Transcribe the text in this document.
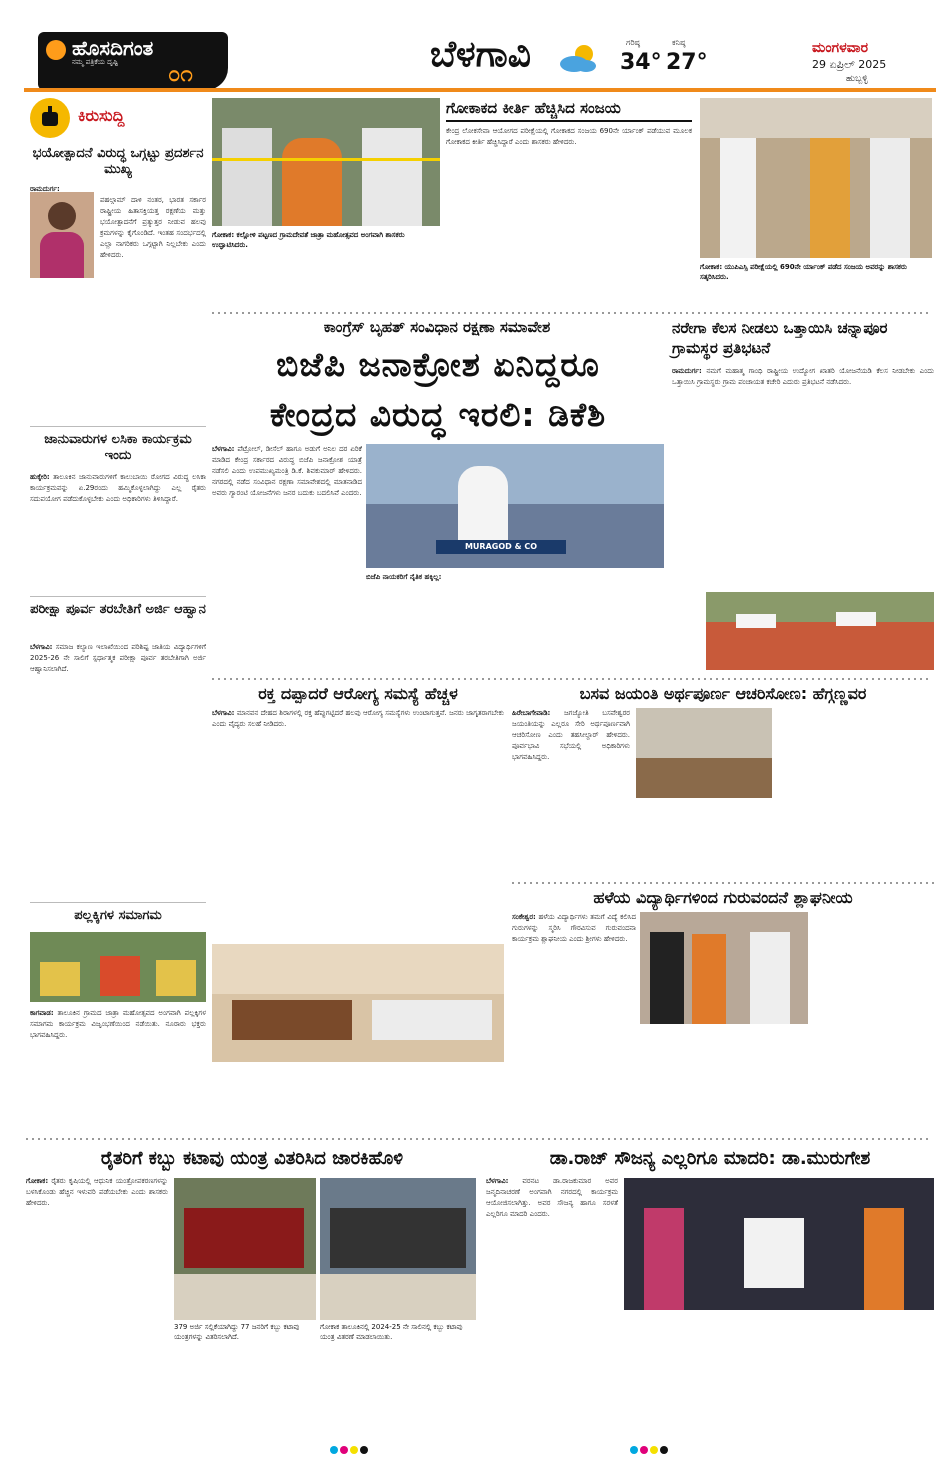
ಹೊಸದಿಗಂತ
ನಮ್ಮ ಪತ್ರಿಕೆಯ ದೃಷ್ಟಿ ೦೧	ಬೆಳಗಾವಿ	ಗರಿಷ್ಠ
34°
ಕನಿಷ್ಠ
27°
ಮಂಗಳವಾರ
29 ಏಪ್ರಿಲ್ 2025
ಹುಬ್ಬಳ್ಳಿ
ಕಿರುಸುದ್ದಿ
ಭಯೋತ್ಪಾದನೆ ವಿರುದ್ಧ ಒಗ್ಗಟ್ಟು ಪ್ರದರ್ಶನ ಮುಖ್ಯ
ರಾಮದುರ್ಗ:
ಪಹಲ್ಗಾಮ್ ದಾಳಿ ನಂತರ, ಭಾರತ ಸರ್ಕಾರ ರಾಷ್ಟ್ರೀಯ ಹಿತಾಸಕ್ತಿಯತ್ತ ರಕ್ಷಣೆಯ ಮತ್ತು ಭಯೋತ್ಪಾದನೆಗೆ ಪ್ರತ್ಯುತ್ತರ ನೀಡುವ ಹಲವು ಕ್ರಮಗಳನ್ನು ಕೈಗೊಂಡಿದೆ. ಇಂತಹ ಸಂದರ್ಭದಲ್ಲಿ ಎಲ್ಲಾ ನಾಗರಿಕರು ಒಗ್ಗಟ್ಟಾಗಿ ನಿಲ್ಲಬೇಕು ಎಂದು ಹೇಳಿದರು.
ಜಾನುವಾರುಗಳ ಲಸಿಕಾ ಕಾರ್ಯಕ್ರಮ ಇಂದು
ಹುಕ್ಕೇರಿ: ತಾಲೂಕಿನ ಜಾನುವಾರುಗಳಿಗೆ ಕಾಲುಬಾಯಿ ರೋಗದ ವಿರುದ್ಧ ಲಸಿಕಾ ಕಾರ್ಯಕ್ರಮವನ್ನು ಏ.29ರಂದು ಹಮ್ಮಿಕೊಳ್ಳಲಾಗಿದ್ದು ಎಲ್ಲ ರೈತರು ಸದುಪಯೋಗ ಪಡೆದುಕೊಳ್ಳಬೇಕು ಎಂದು ಅಧಿಕಾರಿಗಳು ತಿಳಿಸಿದ್ದಾರೆ.
ಪರೀಕ್ಷಾ ಪೂರ್ವ ತರಬೇತಿಗೆ ಅರ್ಜಿ ಆಹ್ವಾನ
ಬೆಳಗಾವಿ: ಸಮಾಜ ಕಲ್ಯಾಣ ಇಲಾಖೆಯಿಂದ ಪರಿಶಿಷ್ಟ ಜಾತಿಯ ವಿದ್ಯಾರ್ಥಿಗಳಿಗೆ 2025-26 ನೇ ಸಾಲಿಗೆ ಸ್ಪರ್ಧಾತ್ಮಕ ಪರೀಕ್ಷಾ ಪೂರ್ವ ತರಬೇತಿಗಾಗಿ ಅರ್ಜಿ ಆಹ್ವಾನಿಸಲಾಗಿದೆ.
ಪಲ್ಲಕ್ಕಿಗಳ ಸಮಾಗಮ
ಕಾಗವಾಡ: ತಾಲೂಕಿನ ಗ್ರಾಮದ ಜಾತ್ರಾ ಮಹೋತ್ಸವದ ಅಂಗವಾಗಿ ಪಲ್ಲಕ್ಕಿಗಳ ಸಮಾಗಮ ಕಾರ್ಯಕ್ರಮ ವಿಜೃಂಭಣೆಯಿಂದ ನಡೆಯಿತು. ನೂರಾರು ಭಕ್ತರು ಭಾಗವಹಿಸಿದ್ದರು.
ಗೋಕಾಕ: ಕಲ್ಲೋಳಿ ಪಟ್ಟಣದ ಗ್ರಾಮದೇವತೆ ಜಾತ್ರಾ ಮಹೋತ್ಸವದ ಅಂಗವಾಗಿ ಶಾಸಕರು ಉದ್ಘಾಟಿಸಿದರು.
ಗೋಕಾಕದ ಕೀರ್ತಿ ಹೆಚ್ಚಿಸಿದ ಸಂಜಯ
ಕೇಂದ್ರ ಲೋಕಸೇವಾ ಆಯೋಗದ ಪರೀಕ್ಷೆಯಲ್ಲಿ ಗೋಕಾಕದ ಸಂಜಯ 690ನೇ ರ್ಯಾಂಕ್ ಪಡೆಯುವ ಮೂಲಕ ಗೋಕಾಕದ ಕೀರ್ತಿ ಹೆಚ್ಚಿಸಿದ್ದಾರೆ ಎಂದು ಶಾಸಕರು ಹೇಳಿದರು.
ಗೋಕಾಕ: ಯುಪಿಎಸ್ಸಿ ಪರೀಕ್ಷೆಯಲ್ಲಿ 690ನೇ ರ್ಯಾಂಕ್ ಪಡೆದ ಸಂಜಯ ಅವರನ್ನು ಶಾಸಕರು ಸತ್ಕರಿಸಿದರು.
ಕಾಂಗ್ರೆಸ್ ಬೃಹತ್ ಸಂವಿಧಾನ ರಕ್ಷಣಾ ಸಮಾವೇಶ
ಬಿಜೆಪಿ ಜನಾಕ್ರೋಶ ಏನಿದ್ದರೂ
ಕೇಂದ್ರದ ವಿರುದ್ಧ ಇರಲಿ: ಡಿಕೆಶಿ
ಬೆಳಗಾವಿ: ಪೆಟ್ರೋಲ್, ಡೀಸೆಲ್ ಹಾಗೂ ಅಡುಗೆ ಅನಿಲ ದರ ಏರಿಕೆ ಮಾಡಿದ ಕೇಂದ್ರ ಸರ್ಕಾರದ ವಿರುದ್ಧ ಬಿಜೆಪಿ ಜನಾಕ್ರೋಶ ಯಾತ್ರೆ ನಡೆಸಲಿ ಎಂದು ಉಪಮುಖ್ಯಮಂತ್ರಿ ಡಿ.ಕೆ. ಶಿವಕುಮಾರ್ ಹೇಳಿದರು. ನಗರದಲ್ಲಿ ನಡೆದ ಸಂವಿಧಾನ ರಕ್ಷಣಾ ಸಮಾವೇಶದಲ್ಲಿ ಮಾತನಾಡಿದ ಅವರು ಗ್ಯಾರಂಟಿ ಯೋಜನೆಗಳು ಜನರ ಬದುಕು ಬದಲಿಸಿವೆ ಎಂದರು.
MURAGOD & CO
ಬಿಜೆಪಿ ನಾಯಕರಿಗೆ ನೈತಿಕ ಹಕ್ಕಿಲ್ಲ:
ನರೇಗಾ ಕೆಲಸ ನೀಡಲು ಒತ್ತಾಯಿಸಿ ಚನ್ನಾಪೂರ ಗ್ರಾಮಸ್ಥರ ಪ್ರತಿಭಟನೆ
ರಾಮದುರ್ಗ: ನಮಗೆ ಮಹಾತ್ಮ ಗಾಂಧಿ ರಾಷ್ಟ್ರೀಯ ಉದ್ಯೋಗ ಖಾತರಿ ಯೋಜನೆಯಡಿ ಕೆಲಸ ನೀಡಬೇಕು ಎಂದು ಒತ್ತಾಯಿಸಿ ಗ್ರಾಮಸ್ಥರು ಗ್ರಾಮ ಪಂಚಾಯತ ಕಚೇರಿ ಎದುರು ಪ್ರತಿಭಟನೆ ನಡೆಸಿದರು.
ರಕ್ತ ದಪ್ಪಾದರೆ ಆರೋಗ್ಯ ಸಮಸ್ಯೆ ಹೆಚ್ಚಳ
ಬೆಳಗಾವಿ: ಮಾನವನ ದೇಹದ ಶಿರಾಗಳಲ್ಲಿ ರಕ್ತ ಹೆಪ್ಪುಗಟ್ಟಿದರೆ ಹಲವು ಆರೋಗ್ಯ ಸಮಸ್ಯೆಗಳು ಉಂಟಾಗುತ್ತವೆ. ಜನರು ಜಾಗೃತರಾಗಬೇಕು ಎಂದು ವೈದ್ಯರು ಸಲಹೆ ನೀಡಿದರು.
ಬಸವ ಜಯಂತಿ ಅರ್ಥಪೂರ್ಣ ಆಚರಿಸೋಣ: ಹೆಗ್ಗಣ್ಣವರ
ಹಿರೇಬಾಗೇವಾಡಿ: ಜಗಜ್ಯೋತಿ ಬಸವೇಶ್ವರರ ಜಯಂತಿಯನ್ನು ಎಲ್ಲರೂ ಸೇರಿ ಅರ್ಥಪೂರ್ಣವಾಗಿ ಆಚರಿಸೋಣ ಎಂದು ತಹಸೀಲ್ದಾರ್ ಹೇಳಿದರು. ಪೂರ್ವಭಾವಿ ಸಭೆಯಲ್ಲಿ ಅಧಿಕಾರಿಗಳು ಭಾಗವಹಿಸಿದ್ದರು.
ಹಳೆಯ ವಿದ್ಯಾರ್ಥಿಗಳಿಂದ ಗುರುವಂದನೆ ಶ್ಲಾಘನೀಯ
ಸಂಕೇಶ್ವರ: ಹಳೆಯ ವಿದ್ಯಾರ್ಥಿಗಳು ತಮಗೆ ವಿದ್ಯೆ ಕಲಿಸಿದ ಗುರುಗಳನ್ನು ಸ್ಮರಿಸಿ ಗೌರವಿಸುವ ಗುರುವಂದನಾ ಕಾರ್ಯಕ್ರಮ ಶ್ಲಾಘನೀಯ ಎಂದು ಶ್ರೀಗಳು ಹೇಳಿದರು.
ರೈತರಿಗೆ ಕಬ್ಬು ಕಟಾವು ಯಂತ್ರ ವಿತರಿಸಿದ ಜಾರಕಿಹೊಳಿ
ಗೋಕಾಕ: ರೈತರು ಕೃಷಿಯಲ್ಲಿ ಆಧುನಿಕ ಯಂತ್ರೋಪಕರಣಗಳನ್ನು ಬಳಸಿಕೊಂಡು ಹೆಚ್ಚಿನ ಇಳುವರಿ ಪಡೆಯಬೇಕು ಎಂದು ಶಾಸಕರು ಹೇಳಿದರು.
379 ಅರ್ಜಿ ಸಲ್ಲಿಕೆಯಾಗಿದ್ದು 77 ಜನರಿಗೆ ಕಬ್ಬು ಕಟಾವು ಯಂತ್ರಗಳನ್ನು ವಿತರಿಸಲಾಗಿದೆ.
ಗೋಕಾಕ ತಾಲೂಕಿನಲ್ಲಿ 2024-25 ನೇ ಸಾಲಿನಲ್ಲಿ ಕಬ್ಬು ಕಟಾವು ಯಂತ್ರ ವಿತರಣೆ ಮಾಡಲಾಯಿತು.
ಡಾ.ರಾಜ್ ಸೌಜನ್ಯ ಎಲ್ಲರಿಗೂ ಮಾದರಿ: ಡಾ.ಮುರುಗೇಶ
ಬೆಳಗಾವಿ: ವರನಟ ಡಾ.ರಾಜಕುಮಾರ ಅವರ ಜನ್ಮದಿನಾಚರಣೆ ಅಂಗವಾಗಿ ನಗರದಲ್ಲಿ ಕಾರ್ಯಕ್ರಮ ಆಯೋಜಿಸಲಾಗಿತ್ತು. ಅವರ ಸೌಜನ್ಯ ಹಾಗೂ ಸರಳತೆ ಎಲ್ಲರಿಗೂ ಮಾದರಿ ಎಂದರು.
